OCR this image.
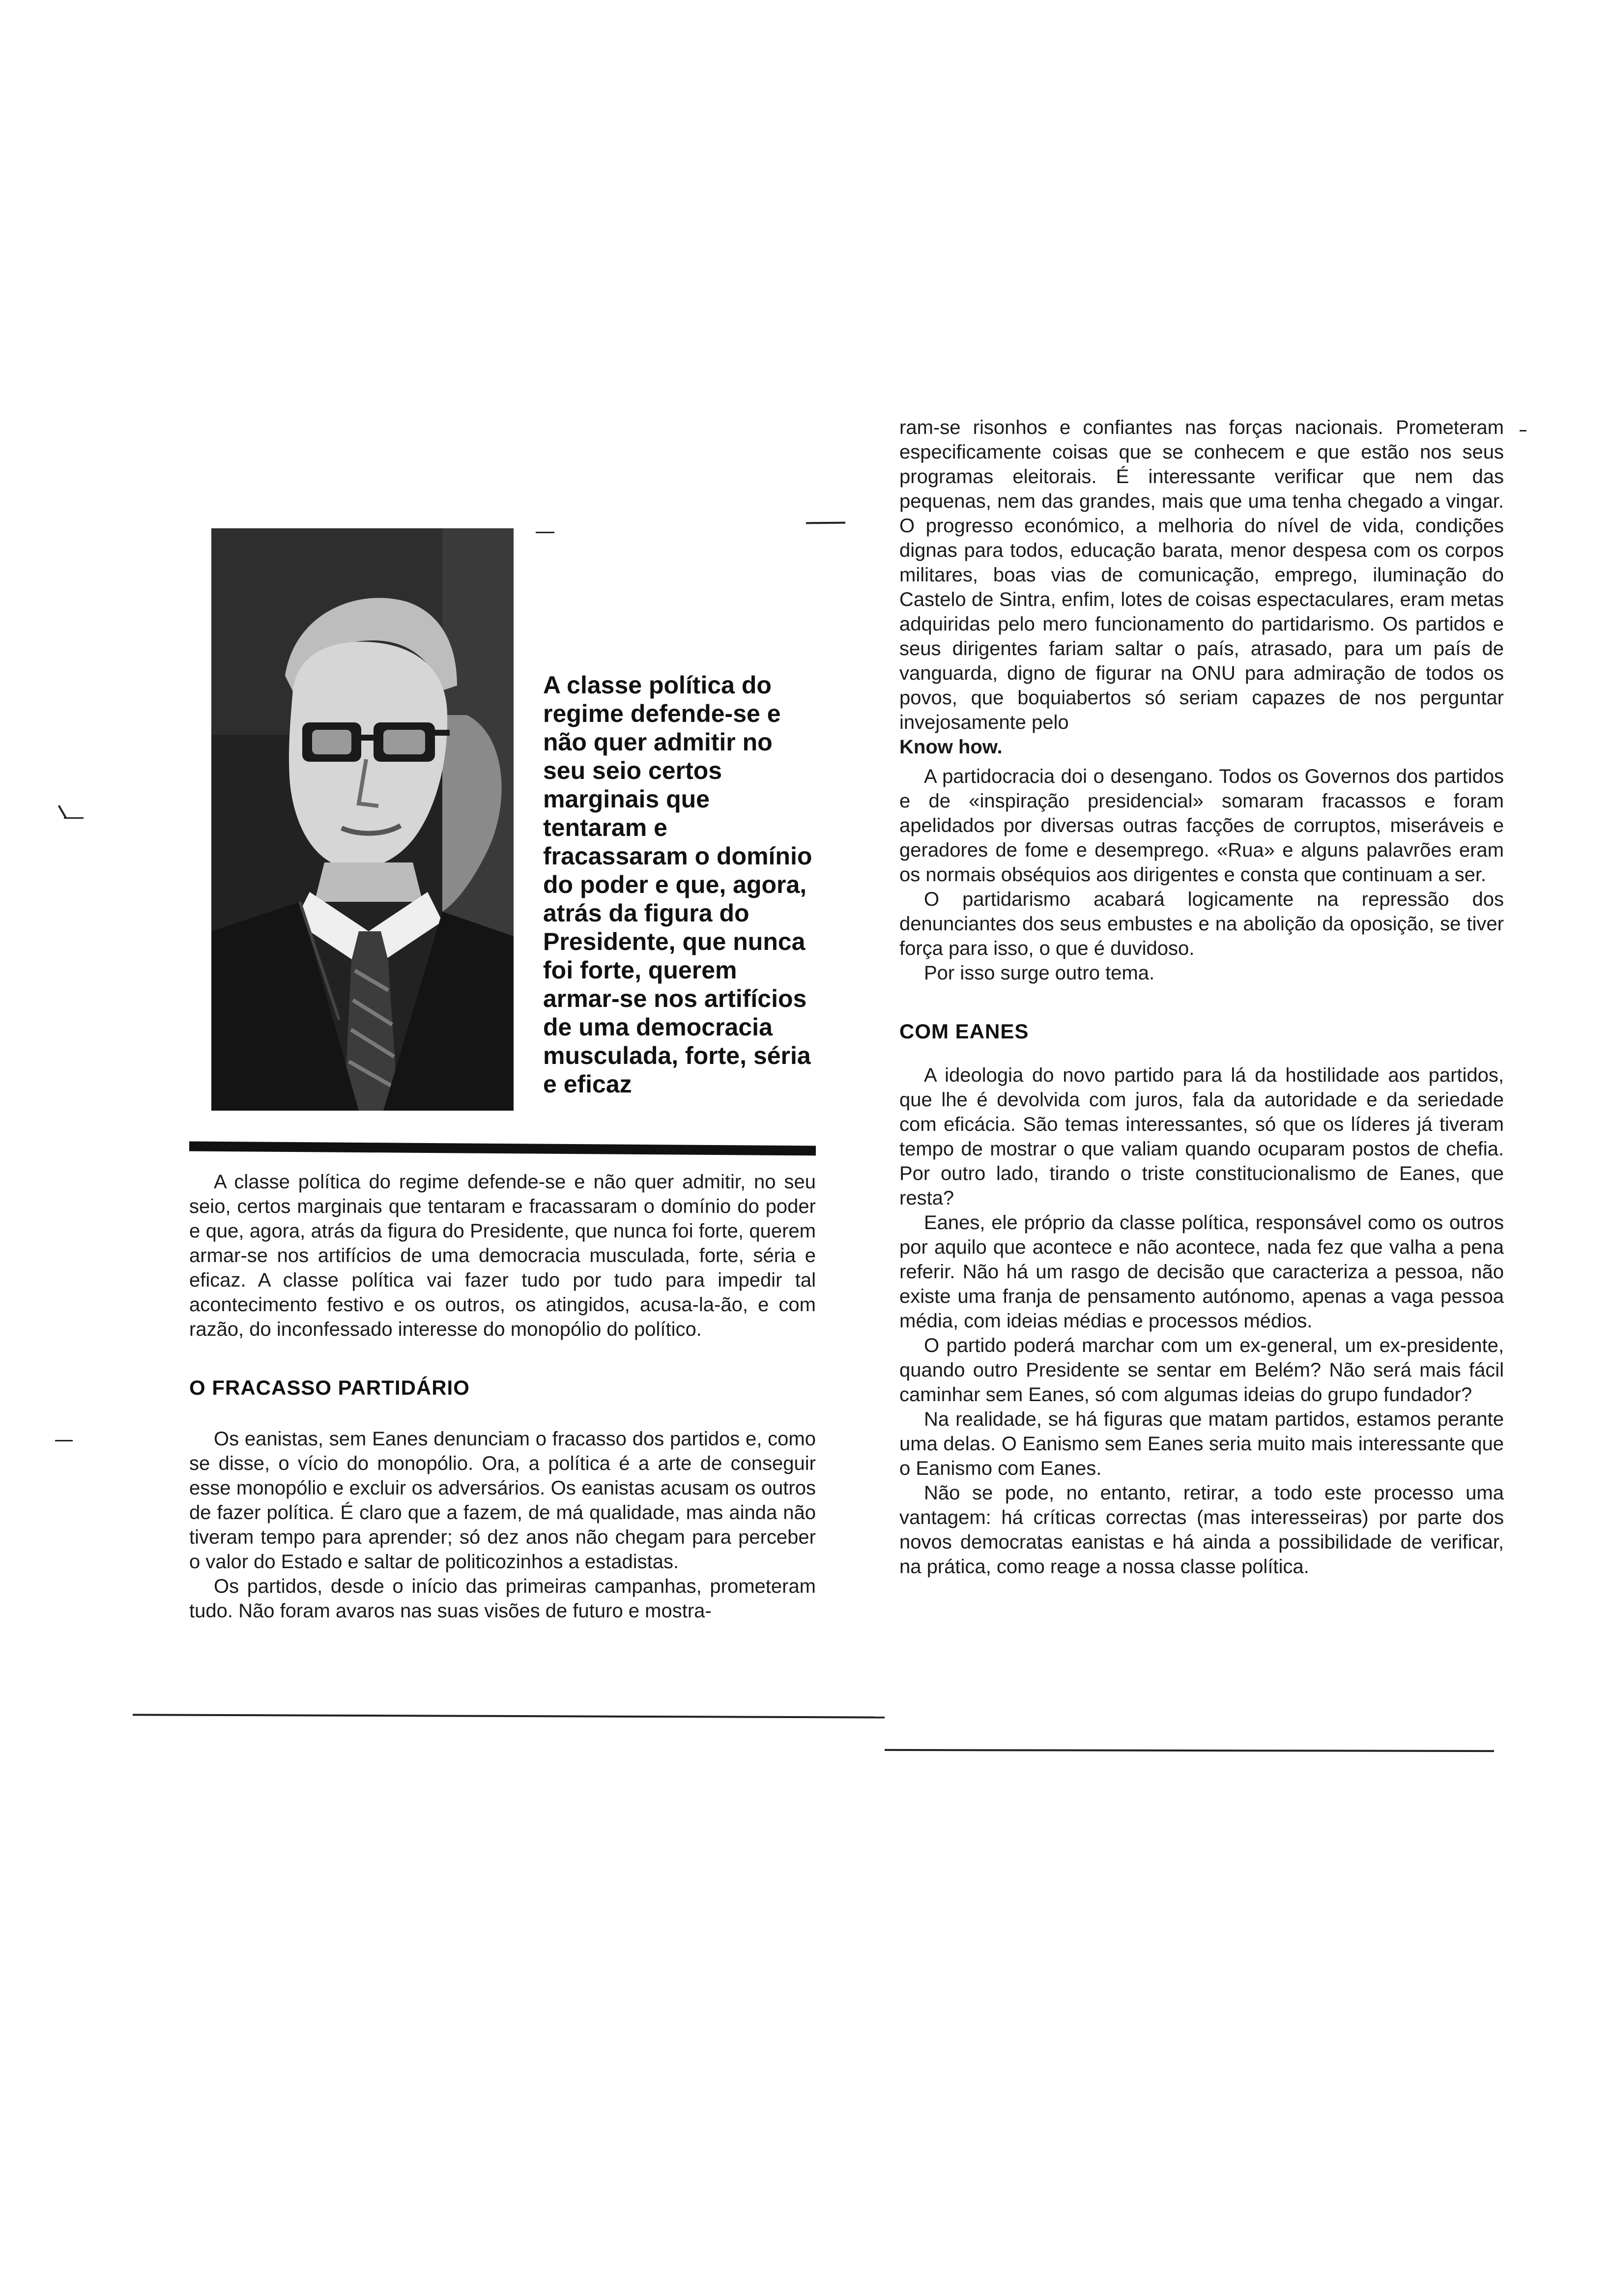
A classe política do regime defende-se e não quer admitir no seu seio certos marginais que tentaram e fracassaram o domínio do poder e que, agora, atrás da figura do Presidente, que nunca foi forte, querem armar-se nos artifícios de uma democracia musculada, forte, séria e eficaz

A classe política do regime defende-se e não quer admitir, no seu seio, certos marginais que tentaram e fracassaram o domínio do poder e que, agora, atrás da figura do Presidente, que nunca foi forte, querem armar-se nos artifícios de uma democracia musculada, forte, séria e eficaz. A classe política vai fazer tudo por tudo para impedir tal acontecimento festivo e os outros, os atingidos, acusa-la-ão, e com razão, do inconfessado interesse do monopólio do político.

O FRACASSO PARTIDÁRIO

Os eanistas, sem Eanes denunciam o fracasso dos partidos e, como se disse, o vício do monopólio. Ora, a política é a arte de conseguir esse monopólio e excluir os adversários. Os eanistas acusam os outros de fazer política. É claro que a fazem, de má qualidade, mas ainda não tiveram tempo para aprender; só dez anos não chegam para perceber o valor do Estado e saltar de politicozinhos a estadistas.

Os partidos, desde o início das primeiras campanhas, prometeram tudo. Não foram avaros nas suas visões de futuro e mostra-

ram-se risonhos e confiantes nas forças nacionais. Prometeram especificamente coisas que se conhecem e que estão nos seus programas eleitorais. É interessante verificar que nem das pequenas, nem das grandes, mais que uma tenha chegado a vingar. O progresso económico, a melhoria do nível de vida, condições dignas para todos, educação barata, menor despesa com os corpos militares, boas vias de comunicação, emprego, iluminação do Castelo de Sintra, enfim, lotes de coisas espectaculares, eram metas adquiridas pelo mero funcionamento do partidarismo. Os partidos e seus dirigentes fariam saltar o país, atrasado, para um país de vanguarda, digno de figurar na ONU para admiração de todos os povos, que boquiabertos só seriam capazes de nos perguntar invejosamente pelo

Know how.

A partidocracia doi o desengano. Todos os Governos dos partidos e de «inspiração presidencial» somaram fracassos e foram apelidados por diversas outras facções de corruptos, miseráveis e geradores de fome e desemprego. «Rua» e alguns palavrões eram os normais obséquios aos dirigentes e consta que continuam a ser.

O partidarismo acabará logicamente na repressão dos denunciantes dos seus embustes e na abolição da oposição, se tiver força para isso, o que é duvidoso.

Por isso surge outro tema.

COM EANES

A ideologia do novo partido para lá da hostilidade aos partidos, que lhe é devolvida com juros, fala da autoridade e da seriedade com eficácia. São temas interessantes, só que os líderes já tiveram tempo de mostrar o que valiam quando ocuparam postos de chefia. Por outro lado, tirando o triste constitucionalismo de Eanes, que resta?

Eanes, ele próprio da classe política, responsável como os outros por aquilo que acontece e não acontece, nada fez que valha a pena referir. Não há um rasgo de decisão que caracteriza a pessoa, não existe uma franja de pensamento autónomo, apenas a vaga pessoa média, com ideias médias e processos médios.

O partido poderá marchar com um ex-general, um ex-presidente, quando outro Presidente se sentar em Belém? Não será mais fácil caminhar sem Eanes, só com algumas ideias do grupo fundador?

Na realidade, se há figuras que matam partidos, estamos perante uma delas. O Eanismo sem Eanes seria muito mais interessante que o Eanismo com Eanes.

Não se pode, no entanto, retirar, a todo este processo uma vantagem: há críticas correctas (mas interesseiras) por parte dos novos democratas eanistas e há ainda a possibilidade de verificar, na prática, como reage a nossa classe política.
